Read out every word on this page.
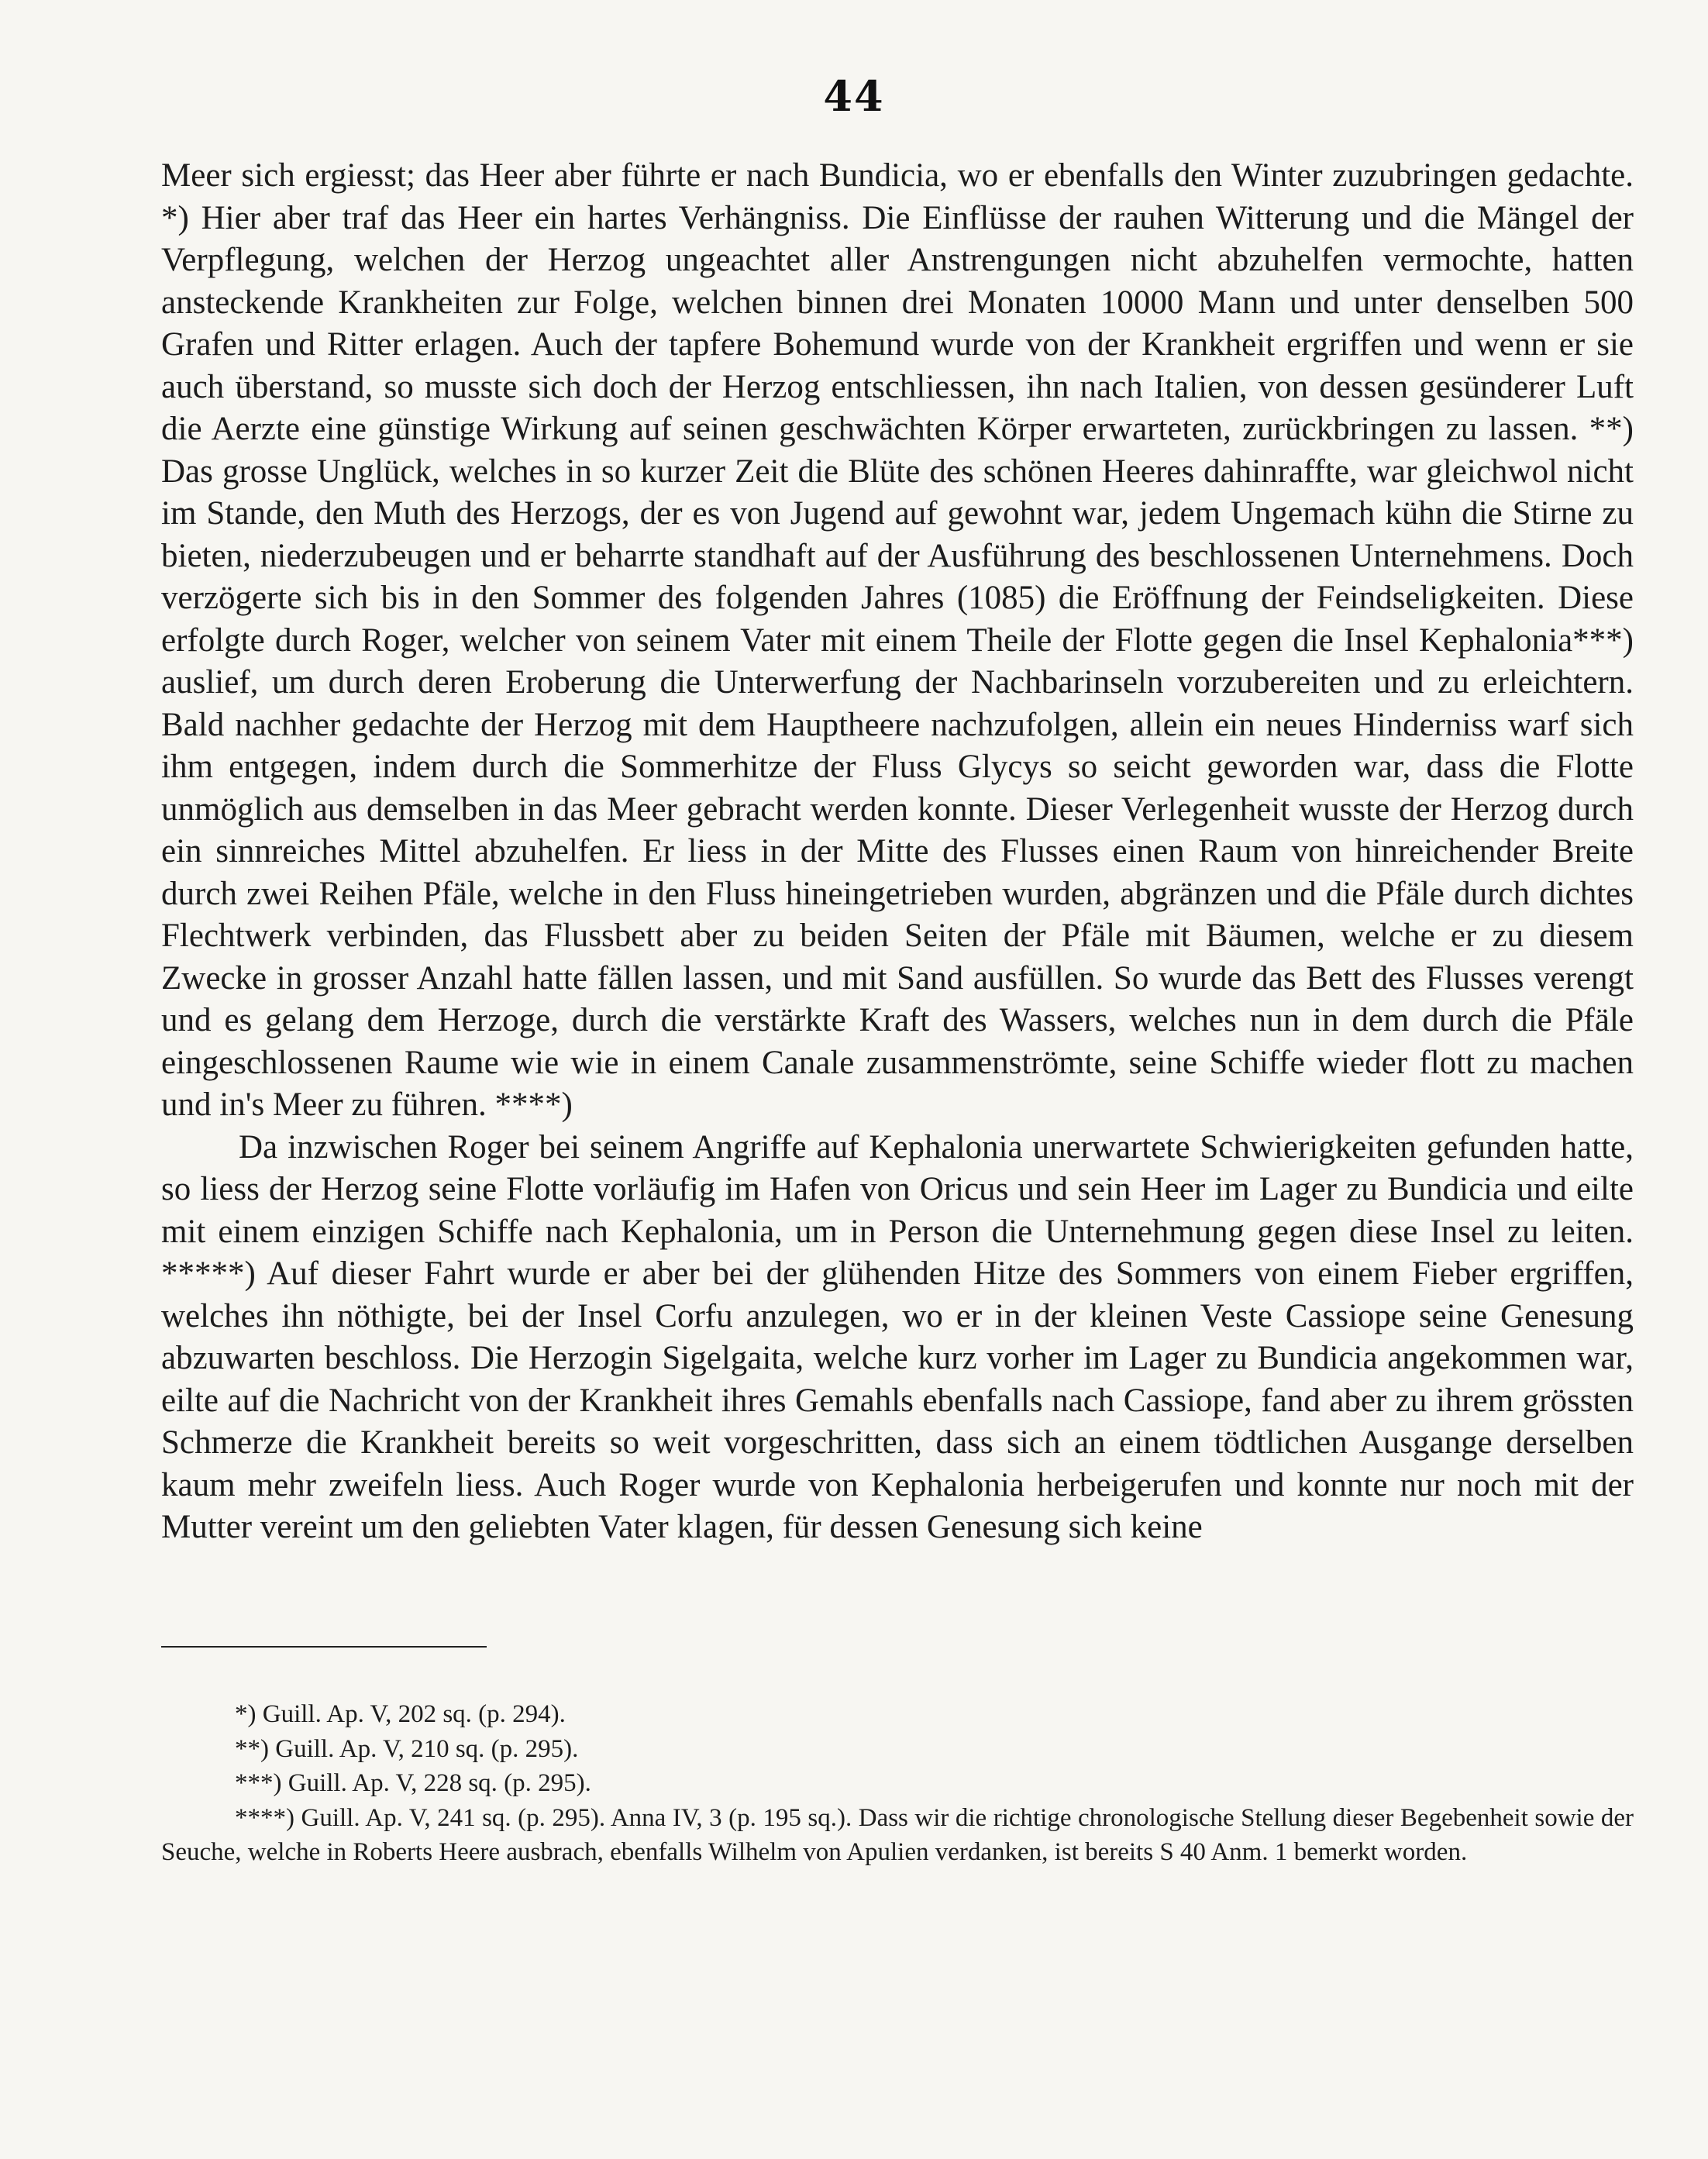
44

Meer sich ergiesst; das Heer aber führte er nach Bundicia, wo er ebenfalls den Winter zuzubringen gedachte. *) Hier aber traf das Heer ein hartes Verhängniss. Die Einflüsse der rauhen Witterung und die Mängel der Verpflegung, welchen der Herzog ungeachtet aller Anstrengungen nicht abzuhelfen vermochte, hatten ansteckende Krankheiten zur Folge, welchen binnen drei Monaten 10000 Mann und unter denselben 500 Grafen und Ritter erlagen. Auch der tapfere Bohemund wurde von der Krankheit ergriffen und wenn er sie auch überstand, so musste sich doch der Herzog entschliessen, ihn nach Italien, von dessen gesünderer Luft die Aerzte eine günstige Wirkung auf seinen geschwächten Körper erwarteten, zurückbringen zu lassen. **) Das grosse Unglück, welches in so kurzer Zeit die Blüte des schönen Heeres dahinraffte, war gleichwol nicht im Stande, den Muth des Herzogs, der es von Jugend auf gewohnt war, jedem Ungemach kühn die Stirne zu bieten, niederzubeugen und er beharrte standhaft auf der Ausführung des beschlossenen Unternehmens. Doch verzögerte sich bis in den Sommer des folgenden Jahres (1085) die Eröffnung der Feindseligkeiten. Diese erfolgte durch Roger, welcher von seinem Vater mit einem Theile der Flotte gegen die Insel Kephalonia***) auslief, um durch deren Eroberung die Unterwerfung der Nachbarinseln vorzubereiten und zu erleichtern. Bald nachher gedachte der Herzog mit dem Hauptheere nachzufolgen, allein ein neues Hinderniss warf sich ihm entgegen, indem durch die Sommerhitze der Fluss Glycys so seicht geworden war, dass die Flotte unmöglich aus demselben in das Meer gebracht werden konnte. Dieser Verlegenheit wusste der Herzog durch ein sinnreiches Mittel abzuhelfen. Er liess in der Mitte des Flusses einen Raum von hinreichender Breite durch zwei Reihen Pfäle, welche in den Fluss hineingetrieben wurden, abgränzen und die Pfäle durch dichtes Flechtwerk verbinden, das Flussbett aber zu beiden Seiten der Pfäle mit Bäumen, welche er zu diesem Zwecke in grosser Anzahl hatte fällen lassen, und mit Sand ausfüllen. So wurde das Bett des Flusses verengt und es gelang dem Herzoge, durch die verstärkte Kraft des Wassers, welches nun in dem durch die Pfäle eingeschlossenen Raume wie wie in einem Canale zusammenströmte, seine Schiffe wieder flott zu machen und in's Meer zu führen. ****)

Da inzwischen Roger bei seinem Angriffe auf Kephalonia unerwartete Schwierigkeiten gefunden hatte, so liess der Herzog seine Flotte vorläufig im Hafen von Oricus und sein Heer im Lager zu Bundicia und eilte mit einem einzigen Schiffe nach Kephalonia, um in Person die Unternehmung gegen diese Insel zu leiten. *****) Auf dieser Fahrt wurde er aber bei der glühenden Hitze des Sommers von einem Fieber ergriffen, welches ihn nöthigte, bei der Insel Corfu anzulegen, wo er in der kleinen Veste Cassiope seine Genesung abzuwarten beschloss. Die Herzogin Sigelgaita, welche kurz vorher im Lager zu Bundicia angekommen war, eilte auf die Nachricht von der Krankheit ihres Gemahls ebenfalls nach Cassiope, fand aber zu ihrem grössten Schmerze die Krankheit bereits so weit vorgeschritten, dass sich an einem tödtlichen Ausgange derselben kaum mehr zweifeln liess. Auch Roger wurde von Kephalonia herbeigerufen und konnte nur noch mit der Mutter vereint um den geliebten Vater klagen, für dessen Genesung sich keine

*) Guill. Ap. V, 202 sq. (p. 294).

**) Guill. Ap. V, 210 sq. (p. 295).

***) Guill. Ap. V, 228 sq. (p. 295).

****) Guill. Ap. V, 241 sq. (p. 295). Anna IV, 3 (p. 195 sq.). Dass wir die richtige chronologische Stellung dieser Begebenheit sowie der Seuche, welche in Roberts Heere ausbrach, ebenfalls Wilhelm von Apulien verdanken, ist bereits S 40 Anm. 1 bemerkt worden.
